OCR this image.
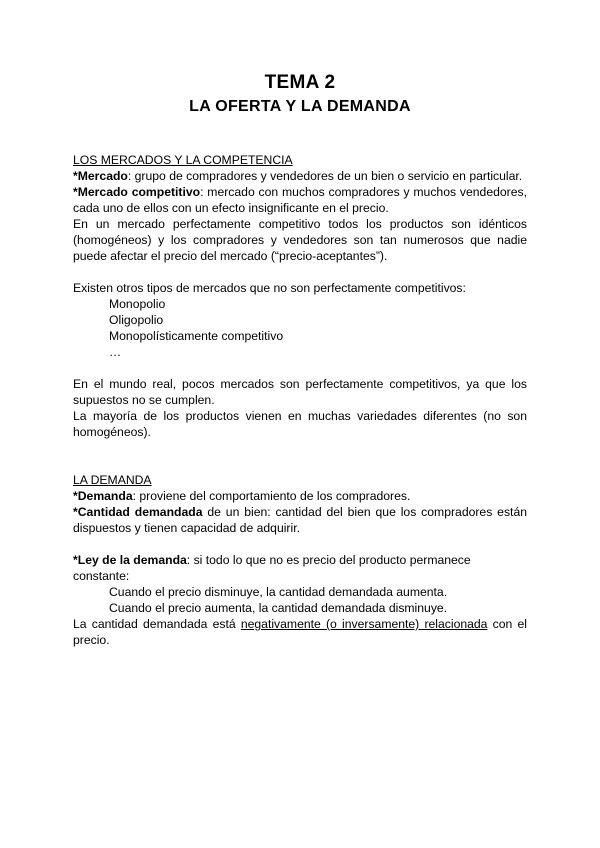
TEMA 2
LA OFERTA Y LA DEMANDA

LOS MERCADOS Y LA COMPETENCIA

*Mercado: grupo de compradores y vendedores de un bien o servicio en particular.

*Mercado competitivo: mercado con muchos compradores y muchos vendedores, cada uno de ellos con un efecto insignificante en el precio.

En un mercado perfectamente competitivo todos los productos son idénticos (homogéneos) y los compradores y vendedores son tan numerosos que nadie puede afectar el precio del mercado (“precio-aceptantes”).

Existen otros tipos de mercados que no son perfectamente competitivos:

Monopolio

Oligopolio

Monopolísticamente competitivo

…

En el mundo real, pocos mercados son perfectamente competitivos, ya que los supuestos no se cumplen.

La mayoría de los productos vienen en muchas variedades diferentes (no son homogéneos).

LA DEMANDA

*Demanda: proviene del comportamiento de los compradores.

*Cantidad demandada de un bien: cantidad del bien que los compradores están dispuestos y tienen capacidad de adquirir.

*Ley de la demanda: si todo lo que no es precio del producto permanece constante:

Cuando el precio disminuye, la cantidad demandada aumenta.

Cuando el precio aumenta, la cantidad demandada disminuye.

La cantidad demandada está negativamente (o inversamente) relacionada con el precio.
